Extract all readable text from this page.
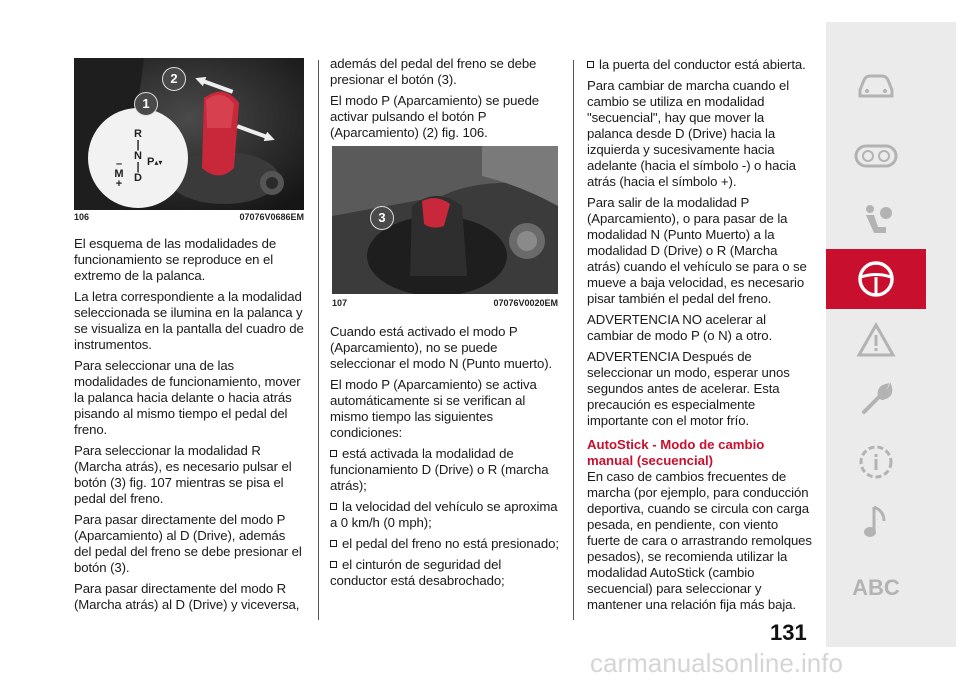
R
|
N
|
D
–
M
+
P▴▾
1
2
106	07076V0686EM

El esquema de las modalidades de funcionamiento se reproduce en el extremo de la palanca.

La letra correspondiente a la modalidad seleccionada se ilumina en la palanca y se visualiza en la pantalla del cuadro de instrumentos.

Para seleccionar una de las modalidades de funcionamiento, mover la palanca hacia delante o hacia atrás pisando al mismo tiempo el pedal del freno.

Para seleccionar la modalidad R (Marcha atrás), es necesario pulsar el botón (3) fig. 107 mientras se pisa el pedal del freno.

Para pasar directamente del modo P (Aparcamiento) al D (Drive), además del pedal del freno se debe presionar el botón (3).

Para pasar directamente del modo R (Marcha atrás) al D (Drive) y viceversa,

además del pedal del freno se debe presionar el botón (3).

El modo P (Aparcamiento) se puede activar pulsando el botón P (Aparcamiento) (2) fig. 106.

3
107	07076V0020EM

Cuando está activado el modo P (Aparcamiento), no se puede seleccionar el modo N (Punto muerto).

El modo P (Aparcamiento) se activa automáticamente si se verifican al mismo tiempo las siguientes condiciones:

está activada la modalidad de funcionamiento D (Drive) o R (marcha atrás);

la velocidad del vehículo se aproxima a 0 km/h (0 mph);

el pedal del freno no está presionado;

el cinturón de seguridad del conductor está desabrochado;

la puerta del conductor está abierta.

Para cambiar de marcha cuando el cambio se utiliza en modalidad "secuencial", hay que mover la palanca desde D (Drive) hacia la izquierda y sucesivamente hacia adelante (hacia el símbolo -) o hacia atrás (hacia el símbolo +).

Para salir de la modalidad P (Aparcamiento), o para pasar de la modalidad N (Punto Muerto) a la modalidad D (Drive) o R (Marcha atrás) cuando el vehículo se para o se mueve a baja velocidad, es necesario pisar también el pedal del freno.

ADVERTENCIA NO acelerar al cambiar de modo P (o N) a otro.

ADVERTENCIA Después de seleccionar un modo, esperar unos segundos antes de acelerar. Esta precaución es especialmente importante con el motor frío.

AutoStick - Modo de cambio manual (secuencial)

En caso de cambios frecuentes de marcha (por ejemplo, para conducción deportiva, cuando se circula con carga pesada, en pendiente, con viento fuerte de cara o arrastrando remolques pesados), se recomienda utilizar la modalidad AutoStick (cambio secuencial) para seleccionar y mantener una relación fija más baja.

ABC
131
carmanualsonline.info
